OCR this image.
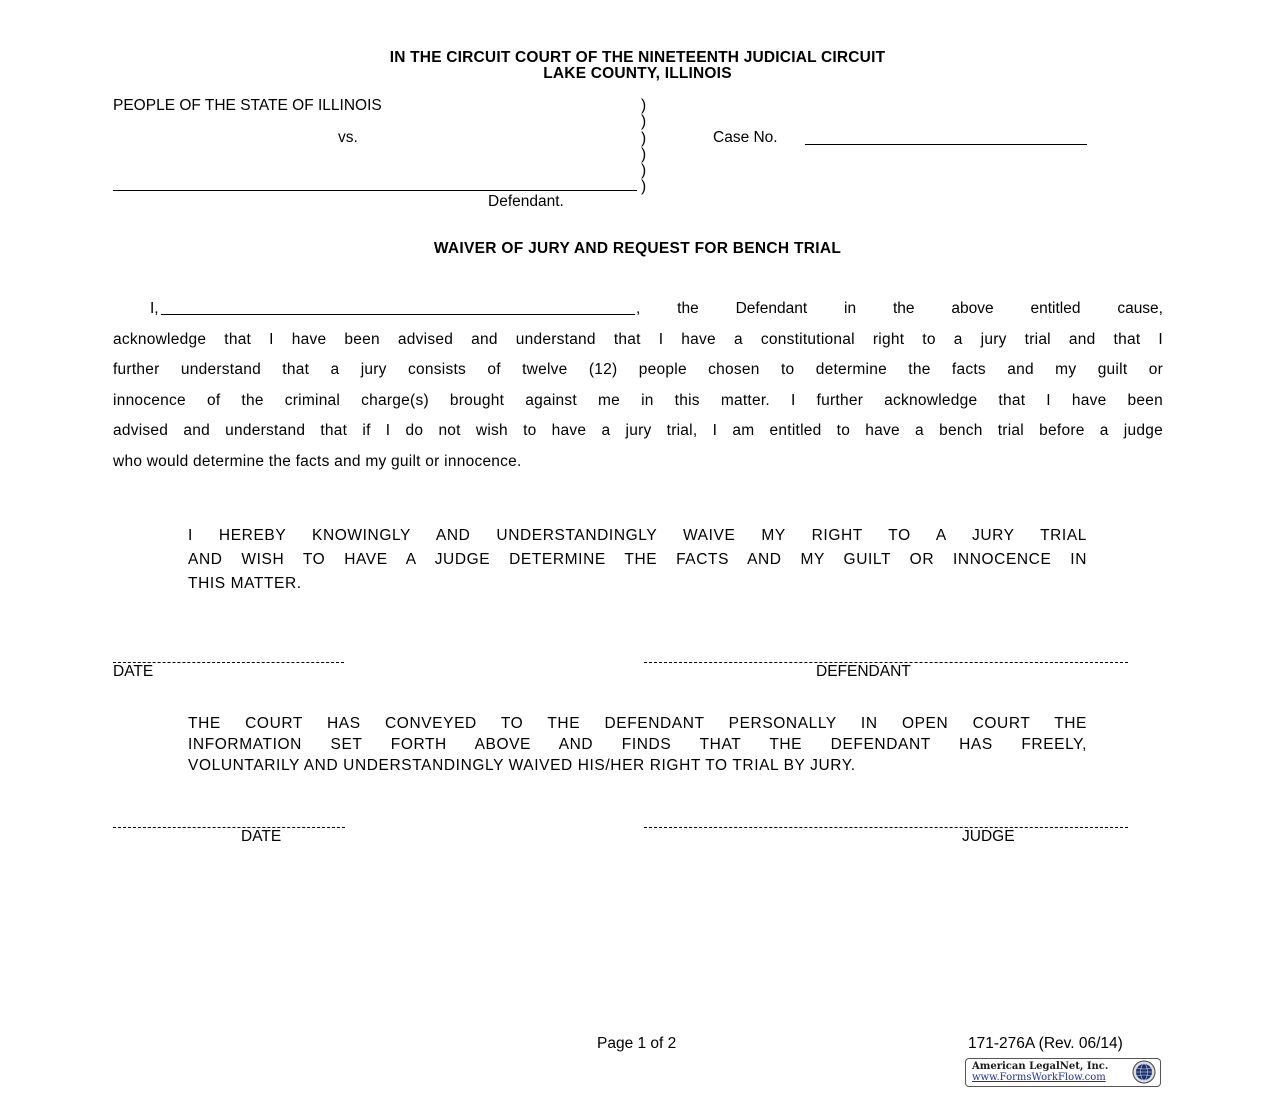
IN THE CIRCUIT COURT OF THE NINETEENTH JUDICIAL CIRCUIT
LAKE COUNTY, ILLINOIS
PEOPLE OF THE STATE OF ILLINOIS
vs.
Defendant.
)
)
)
)
)
)
Case No.
WAIVER OF JURY AND REQUEST FOR BENCH TRIAL
I,	, the Defendant in the above entitled cause,
acknowledge that I have been advised and understand that I have a constitutional right to a jury trial and that I
further understand that a jury consists of twelve (12) people chosen to determine the facts and my guilt or
innocence of the criminal charge(s) brought against me in this matter. I further acknowledge that I have been
advised and understand that if I do not wish to have a jury trial, I am entitled to have a bench trial before a judge
who would determine the facts and my guilt or innocence.
I HEREBY KNOWINGLY AND UNDERSTANDINGLY WAIVE MY RIGHT TO A JURY TRIAL
AND WISH TO HAVE A JUDGE DETERMINE THE FACTS AND MY GUILT OR INNOCENCE IN
THIS MATTER.
DATE	DEFENDANT
THE COURT HAS CONVEYED TO THE DEFENDANT PERSONALLY IN OPEN COURT THE
INFORMATION SET FORTH ABOVE AND FINDS THAT THE DEFENDANT HAS FREELY,
VOLUNTARILY AND UNDERSTANDINGLY WAIVED HIS/HER RIGHT TO TRIAL BY JURY.
DATE	JUDGE
Page 1 of 2	171-276A (Rev. 06/14)
American LegalNet, Inc.
www.FormsWorkFlow.com
